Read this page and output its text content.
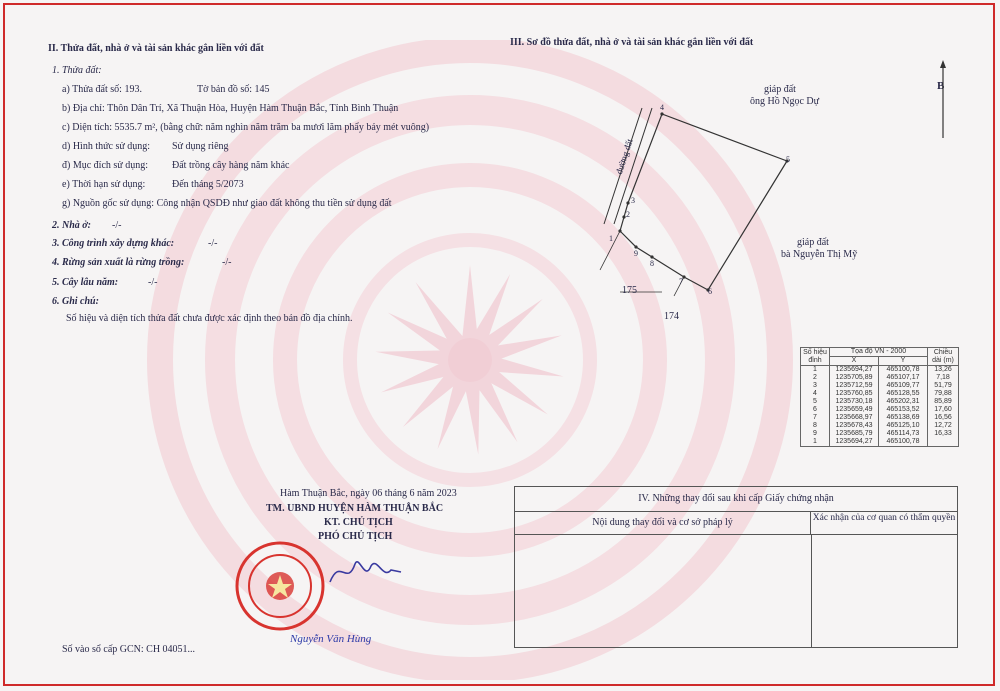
II. Thửa đất, nhà ở và tài sản khác gắn liền với đất
1. Thửa đất:
a) Thửa đất số: 193.	Tờ bản đồ số: 145
b) Địa chỉ: Thôn Dân Trí, Xã Thuận Hòa, Huyện Hàm Thuận Bắc, Tỉnh Bình Thuận
c) Diện tích: 5535.7 m², (bằng chữ: năm nghìn năm trăm ba mươi lăm phẩy bảy mét vuông)
d) Hình thức sử dụng: Sử dụng riêng
đ) Mục đích sử dụng: Đất trồng cây hàng năm khác
e) Thời hạn sử dụng:	Đến tháng 5/2073
g) Nguồn gốc sử dụng: Công nhận QSDĐ như giao đất không thu tiền sử dụng đất
2. Nhà ở: -/-
3. Công trình xây dựng khác:	-/-
4. Rừng sản xuất là rừng trồng:	-/-
5. Cây lâu năm:	-/-
6. Ghi chú:
Số hiệu và diện tích thửa đất chưa được xác định theo bản đồ địa chính.
Hàm Thuận Bắc, ngày 06 tháng 6 năm 2023
TM. UBND HUYỆN HÀM THUẬN BẮC
KT. CHỦ TỊCH
PHÓ CHỦ TỊCH
Nguyễn Văn Hùng
Số vào sổ cấp GCN: CH 04051...
III. Sơ đồ thửa đất, nhà ở và tài sản khác gắn liền với đất
B
giáp đất
ông Hồ Ngọc Dự
giáp đất
bà Nguyễn Thị Mỹ
1
2
3
4
5
6
7
8
9
đường đất
175
174
Số hiệu đỉnh	Tọa độ VN - 2000		Chiều dài (m)
	X	Y	
1	1235694,27	465100,78	13,26
2	1235705,89	465107,17	7,18
3	1235712,59	465109,77	51,79
4	1235760,85	465128,55	79,88
5	1235730,18	465202,31	85,89
6	1235659,49	465153,52	17,60
7	1235668,97	465138,69	16,56
8	1235678,43	465125,10	12,72
9	1235685,79	465114,73	16,33
1	1235694,27	465100,78	
IV. Những thay đổi sau khi cấp Giấy chứng nhận
Nội dung thay đổi và cơ sở pháp lý	Xác nhận của cơ quan có thẩm quyền
